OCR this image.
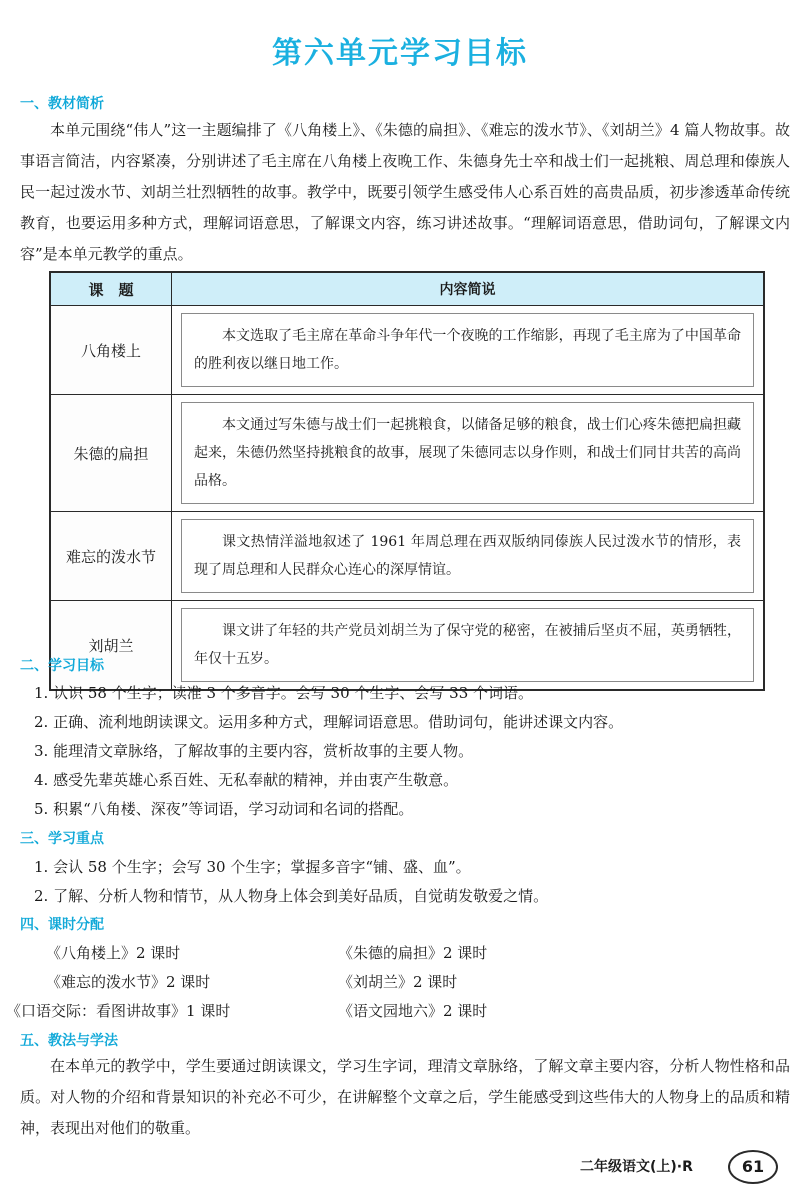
第六单元学习目标
一、教材简析
本单元围绕“伟人”这一主题编排了《八角楼上》、《朱德的扁担》、《难忘的泼水节》、《刘胡兰》4 篇人物故事。故事语言简洁，内容紧凑，分别讲述了毛主席在八角楼上夜晚工作、朱德身先士卒和战士们一起挑粮、周总理和傣族人民一起过泼水节、刘胡兰壮烈牺牲的故事。教学中，既要引领学生感受伟人心系百姓的高贵品质，初步渗透革命传统教育，也要运用多种方式，理解词语意思，了解课文内容，练习讲述故事。“理解词语意思，借助词句，了解课文内容”是本单元教学的重点。
课　题	内容简说
八角楼上	本文选取了毛主席在革命斗争年代一个夜晚的工作缩影，再现了毛主席为了中国革命的胜利夜以继日地工作。

朱德的扁担	本文通过写朱德与战士们一起挑粮食，以储备足够的粮食，战士们心疼朱德把扁担藏起来，朱德仍然坚持挑粮食的故事，展现了朱德同志以身作则，和战士们同甘共苦的高尚品格。

难忘的泼水节	课文热情洋溢地叙述了 1961 年周总理在西双版纳同傣族人民过泼水节的情形，表现了周总理和人民群众心连心的深厚情谊。

刘胡兰	课文讲了年轻的共产党员刘胡兰为了保守党的秘密，在被捕后坚贞不屈，英勇牺牲，年仅十五岁。
二、学习目标
1. 认识 58 个生字；读准 3 个多音字。会写 30 个生字、会写 33 个词语。
2. 正确、流利地朗读课文。运用多种方式，理解词语意思。借助词句，能讲述课文内容。
3. 能理清文章脉络，了解故事的主要内容，赏析故事的主要人物。
4. 感受先辈英雄心系百姓、无私奉献的精神，并由衷产生敬意。
5. 积累“八角楼、深夜”等词语，学习动词和名词的搭配。
三、学习重点
1. 会认 58 个生字；会写 30 个生字；掌握多音字“铺、盛、血”。
2. 了解、分析人物和情节，从人物身上体会到美好品质，自觉萌发敬爱之情。
四、课时分配
《八角楼上》2 课时	《朱德的扁担》2 课时
《难忘的泼水节》2 课时	《刘胡兰》2 课时
《口语交际：看图讲故事》1 课时	《语文园地六》2 课时
五、教法与学法
在本单元的教学中，学生要通过朗读课文，学习生字词，理清文章脉络，了解文章主要内容，分析人物性格和品质。对人物的介绍和背景知识的补充必不可少，在讲解整个文章之后，学生能感受到这些伟大的人物身上的品质和精神，表现出对他们的敬重。
二年级语文(上)·R	61
